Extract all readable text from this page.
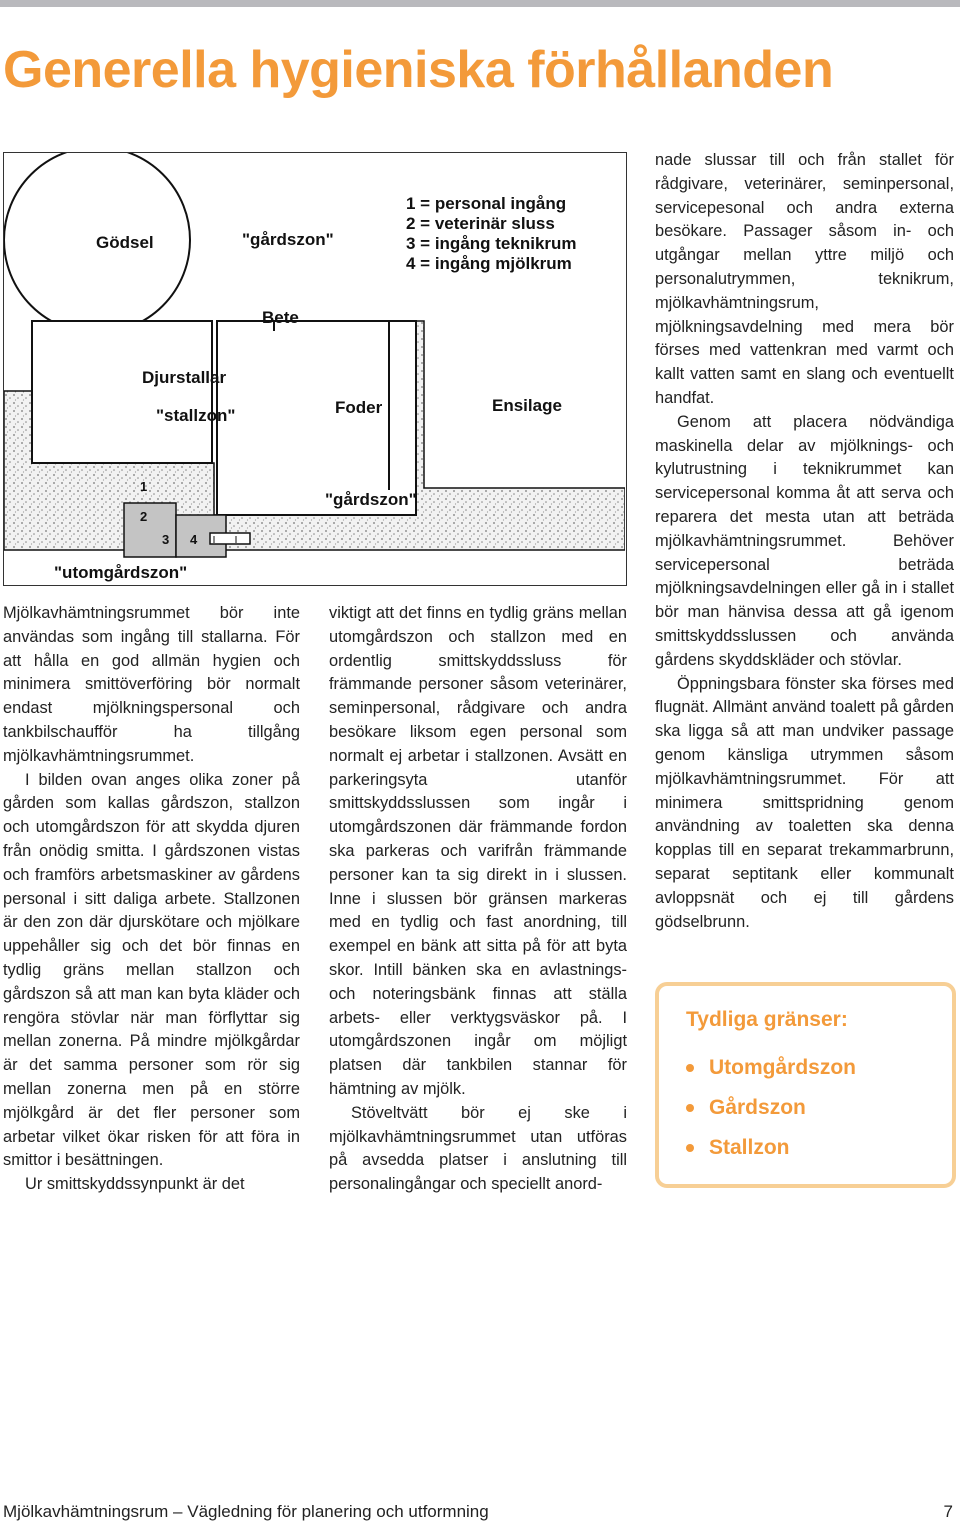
Generella hygieniska förhållanden
1 = personal ingång
2 = veterinär sluss
3 = ingång teknikrum
4 = ingång mjölkrum
Gödsel	"gårdszon"
Bete
Djurstallar
"stallzon"	Foder	Ensilage
"gårdszon"
"utomgårdszon"
1
2
3 4

Mjölkavhämtningsrummet bör inte användas som ingång till stallarna. För att hålla en god allmän hygien och minimera smittöverföring bör normalt endast mjölkningspersonal och tankbilschaufför ha tillgång mjölkavhämtningsrummet.

I bilden ovan anges olika zoner på gården som kallas gårdszon, stallzon och utomgårdszon för att skydda djuren från onödig smitta. I gårdszonen vistas och framförs arbetsmaskiner av gårdens personal i sitt daliga arbete. Stallzonen är den zon där djurskötare och mjölkare uppehåller sig och det bör finnas en tydlig gräns mellan stallzon och gårdszon så att man kan byta kläder och rengöra stövlar när man förflyttar sig mellan zonerna. På mindre mjölkgårdar är det samma personer som rör sig mellan zonerna men på en större mjölkgård är det fler personer som arbetar vilket ökar risken för att föra in smittor i besättningen.

Ur smittskyddssynpunkt är det

viktigt att det finns en tydlig gräns mellan utomgårdszon och stallzon med en ordentlig smittskyddssluss för främmande personer såsom veterinärer, seminpersonal, rådgivare och andra besökare liksom egen personal som normalt ej arbetar i stallzonen. Avsätt en parkeringsyta utanför smittskyddsslussen som ingår i utomgårdszonen där främmande fordon ska parkeras och varifrån främmande personer kan ta sig direkt in i slussen. Inne i slussen bör gränsen markeras med en tydlig och fast anordning, till exempel en bänk att sitta på för att byta skor. Intill bänken ska en avlastnings- och noteringsbänk finnas att ställa arbets- eller verktygsväskor på. I utomgårdszonen ingår om möjligt platsen där tankbilen stannar för hämtning av mjölk.

Stöveltvätt bör ej ske i mjölkavhämtningsrummet utan utföras på avsedda platser i anslutning till personalingångar och speciellt anord-

nade slussar till och från stallet för rådgivare, veterinärer, seminpersonal, servicepesonal och andra externa besökare. Passager såsom in- och utgångar mellan yttre miljö och personalutrymmen, teknikrum, mjölkavhämtningsrum, mjölkningsavdelning med mera bör förses med vattenkran med varmt och kallt vatten samt en slang och eventuellt handfat.

Genom att placera nödvändiga maskinella delar av mjölknings- och kylutrustning i teknikrummet kan servicepersonal komma åt att serva och reparera det mesta utan att beträda mjölkavhämtningsrummet. Behöver servicepersonal beträda mjölkningsavdelningen eller gå in i stallet bör man hänvisa dessa att gå igenom smittskyddsslussen och använda gårdens skyddskläder och stövlar.

Öppningsbara fönster ska förses med flugnät. Allmänt använd toalett på gården ska ligga så att man undviker passage genom känsliga utrymmen såsom mjölkavhämtningsrummet. För att minimera smittspridning genom användning av toaletten ska denna kopplas till en separat trekammarbrunn, separat septitank eller kommunalt avloppsnät och ej till gårdens gödselbrunn.

Tydliga gränser:
Utomgårdszon
Gårdszon
Stallzon
Mjölkavhämtningsrum – Vägledning för planering och utformning	7
